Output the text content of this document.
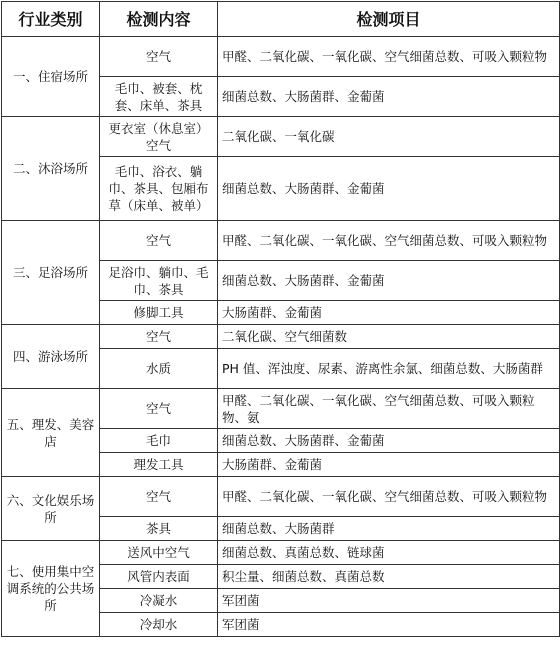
行业类别	检测内容	检测项目
一、住宿场所	空气	甲醛、二氧化碳、一氧化碳、空气细菌总数、可吸入颗粒物
	毛巾、被套、枕套、床单、茶具	细菌总数、大肠菌群、金葡菌
二、沐浴场所	更衣室（休息室）空气	二氧化碳、一氧化碳
	毛巾、浴衣、躺巾、茶具、包厢布草（床单、被单）	细菌总数、大肠菌群、金葡菌
三、足浴场所	空气	甲醛、二氧化碳、一氧化碳、空气细菌总数、可吸入颗粒物
	足浴巾、躺巾、毛巾、茶具	细菌总数、大肠菌群、金葡菌
	修脚工具	大肠菌群、金葡菌
四、游泳场所	空气	二氧化碳、空气细菌数
	水质	PH 值、浑浊度、尿素、游离性余氯、细菌总数、大肠菌群
五、理发、美容店	空气	甲醛、二氧化碳、一氧化碳、空气细菌总数、可吸入颗粒物、氨
	毛巾	细菌总数、大肠菌群、金葡菌
	理发工具	大肠菌群、金葡菌
六、文化娱乐场所	空气	甲醛、二氧化碳、一氧化碳、空气细菌总数、可吸入颗粒物
	茶具	细菌总数、大肠菌群
七、使用集中空调系统的公共场所	送风中空气	细菌总数、真菌总数、链球菌
	风管内表面	积尘量、细菌总数、真菌总数
	冷凝水	军团菌
	冷却水	军团菌
